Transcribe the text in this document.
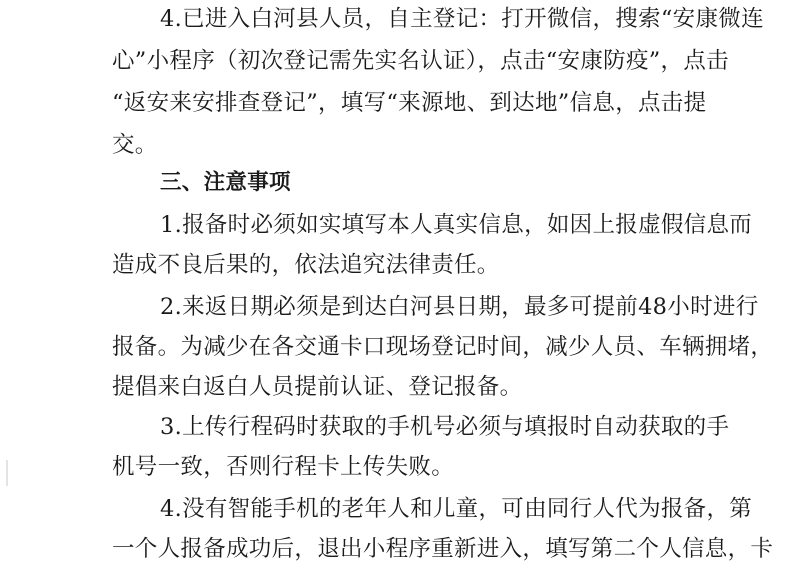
4.已进入白河县人员，自主登记：打开微信，搜索“安康微连
心”小程序（初次登记需先实名认证），点击“安康防疫”，点击
“返安来安排查登记”，填写“来源地、到达地”信息，点击提
交。
三、注意事项
1.报备时必须如实填写本人真实信息，如因上报虚假信息而
造成不良后果的，依法追究法律责任。
2.来返日期必须是到达白河县日期，最多可提前48小时进行
报备。为减少在各交通卡口现场登记时间，减少人员、车辆拥堵，
提倡来白返白人员提前认证、登记报备。
3.上传行程码时获取的手机号必须与填报时自动获取的手
机号一致，否则行程卡上传失败。
4.没有智能手机的老年人和儿童，可由同行人代为报备，第
一个人报备成功后，退出小程序重新进入，填写第二个人信息，卡
